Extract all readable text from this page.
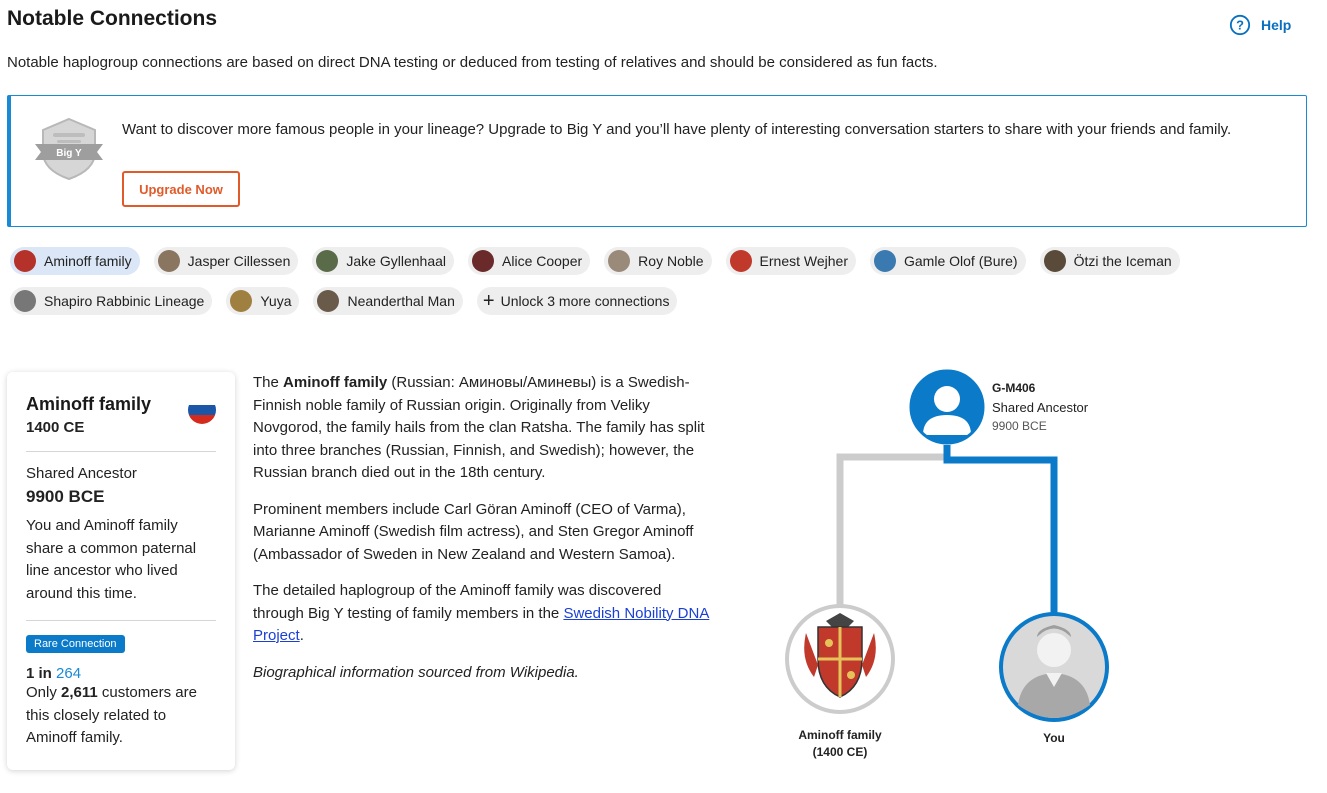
Notable Connections	? Help
Notable haplogroup connections are based on direct DNA testing or deduced from testing of relatives and should be considered as fun facts.
Big Y
Want to discover more famous people in your lineage? Upgrade to Big Y and you’ll have plenty of interesting conversation starters to share with your friends and family.
Upgrade Now
Aminoff family	Jasper Cillessen	Jake Gyllenhaal	Alice Cooper	Roy Noble	Ernest Wejher	Gamle Olof (Bure)	Ötzi the Iceman
Shapiro Rabbinic Lineage	Yuya	Neanderthal Man + Unlock 3 more connections
Aminoff family
1400 CE
Shared Ancestor
9900 BCE
You and Aminoff family share a common paternal line ancestor who lived around this time.
Rare Connection
1 in 264
Only 2,611 customers are this closely related to Aminoff family.

The Aminoff family (Russian: Аминовы/Аминевы) is a Swedish-Finnish noble family of Russian origin. Originally from Veliky Novgorod, the family hails from the clan Ratsha. The family has split into three branches (Russian, Finnish, and Swedish); however, the Russian branch died out in the 18th century.

Prominent members include Carl Göran Aminoff (CEO of Varma), Marianne Aminoff (Swedish film actress), and Sten Gregor Aminoff (Ambassador of Sweden in New Zealand and Western Samoa).

The detailed haplogroup of the Aminoff family was discovered through Big Y testing of family members in the Swedish Nobility DNA Project.

Biographical information sourced from Wikipedia.

G-M406
Shared Ancestor
9900 BCE
Aminoff family
(1400 CE)
You
